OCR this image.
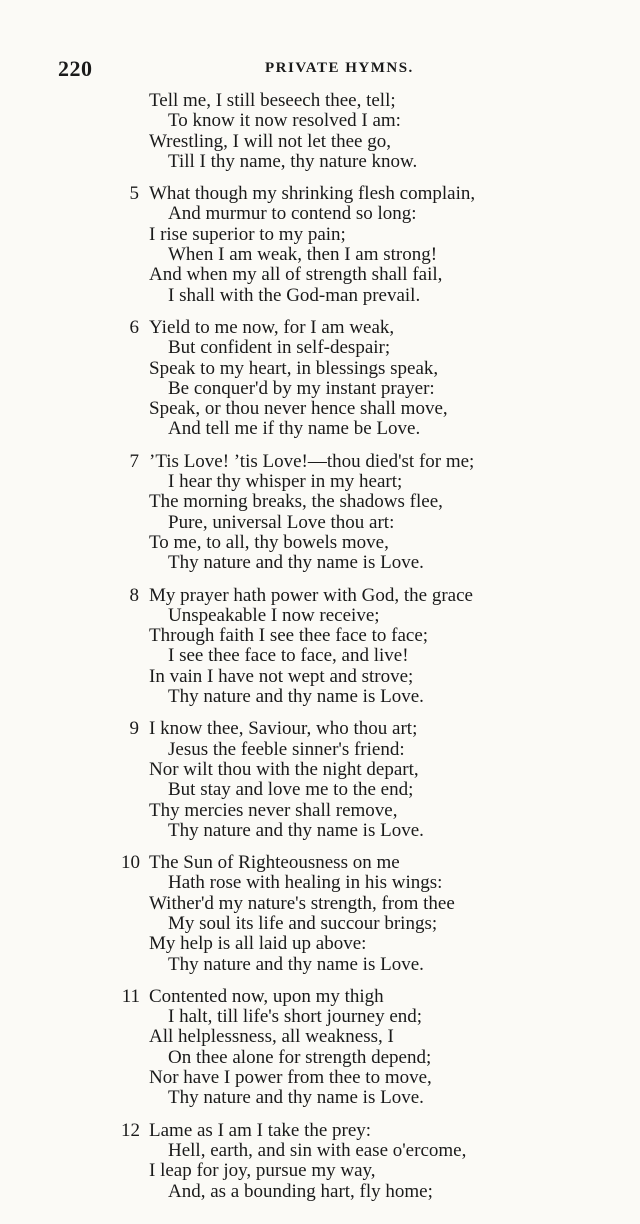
220	PRIVATE HYMNS.
Tell me, I still beseech thee, tell;
To know it now resolved I am:
Wrestling, I will not let thee go,
Till I thy name, thy nature know.
5 What though my shrinking flesh complain,
And murmur to contend so long:
I rise superior to my pain;
When I am weak, then I am strong!
And when my all of strength shall fail,
I shall with the God-man prevail.
6 Yield to me now, for I am weak,
But confident in self-despair;
Speak to my heart, in blessings speak,
Be conquer'd by my instant prayer:
Speak, or thou never hence shall move,
And tell me if thy name be Love.
7 ’Tis Love! ’tis Love!—thou died'st for me;
I hear thy whisper in my heart;
The morning breaks, the shadows flee,
Pure, universal Love thou art:
To me, to all, thy bowels move,
Thy nature and thy name is Love.
8 My prayer hath power with God, the grace
Unspeakable I now receive;
Through faith I see thee face to face;
I see thee face to face, and live!
In vain I have not wept and strove;
Thy nature and thy name is Love.
9 I know thee, Saviour, who thou art;
Jesus the feeble sinner's friend:
Nor wilt thou with the night depart,
But stay and love me to the end;
Thy mercies never shall remove,
Thy nature and thy name is Love.
10 The Sun of Righteousness on me
Hath rose with healing in his wings:
Wither'd my nature's strength, from thee
My soul its life and succour brings;
My help is all laid up above:
Thy nature and thy name is Love.
11 Contented now, upon my thigh
I halt, till life's short journey end;
All helplessness, all weakness, I
On thee alone for strength depend;
Nor have I power from thee to move,
Thy nature and thy name is Love.
12 Lame as I am I take the prey:
Hell, earth, and sin with ease o'ercome,
I leap for joy, pursue my way,
And, as a bounding hart, fly home;
